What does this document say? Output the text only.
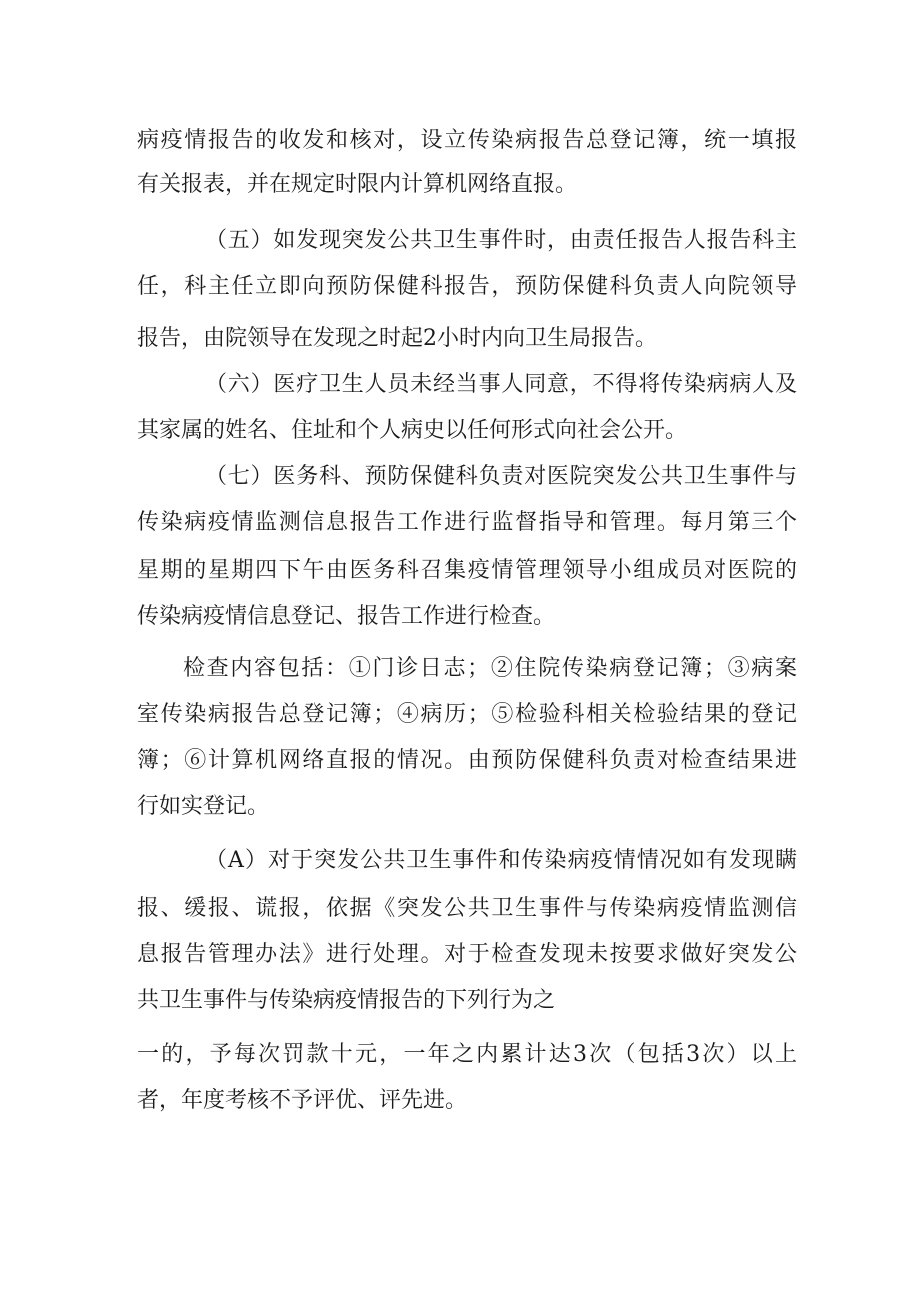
病疫情报告的收发和核对，设立传染病报告总登记簿，统一填报
有关报表，并在规定时限内计算机网络直报。
（五）如发现突发公共卫生事件时，由责任报告人报告科主
任，科主任立即向预防保健科报告，预防保健科负责人向院领导
报告，由院领导在发现之时起2小时内向卫生局报告。
（六）医疗卫生人员未经当事人同意，不得将传染病病人及
其家属的姓名、住址和个人病史以任何形式向社会公开。
（七）医务科、预防保健科负责对医院突发公共卫生事件与
传染病疫情监测信息报告工作进行监督指导和管理。每月第三个
星期的星期四下午由医务科召集疫情管理领导小组成员对医院的
传染病疫情信息登记、报告工作进行检查。
检查内容包括：①门诊日志；②住院传染病登记簿；③病案
室传染病报告总登记簿；④病历；⑤检验科相关检验结果的登记
簿；⑥计算机网络直报的情况。由预防保健科负责对检查结果进
行如实登记。
（A）对于突发公共卫生事件和传染病疫情情况如有发现瞒
报、缓报、谎报，依据《突发公共卫生事件与传染病疫情监测信
息报告管理办法》进行处理。对于检查发现未按要求做好突发公
共卫生事件与传染病疫情报告的下列行为之
一的，予每次罚款十元，一年之内累计达3次（包括3次）以上
者，年度考核不予评优、评先进。
